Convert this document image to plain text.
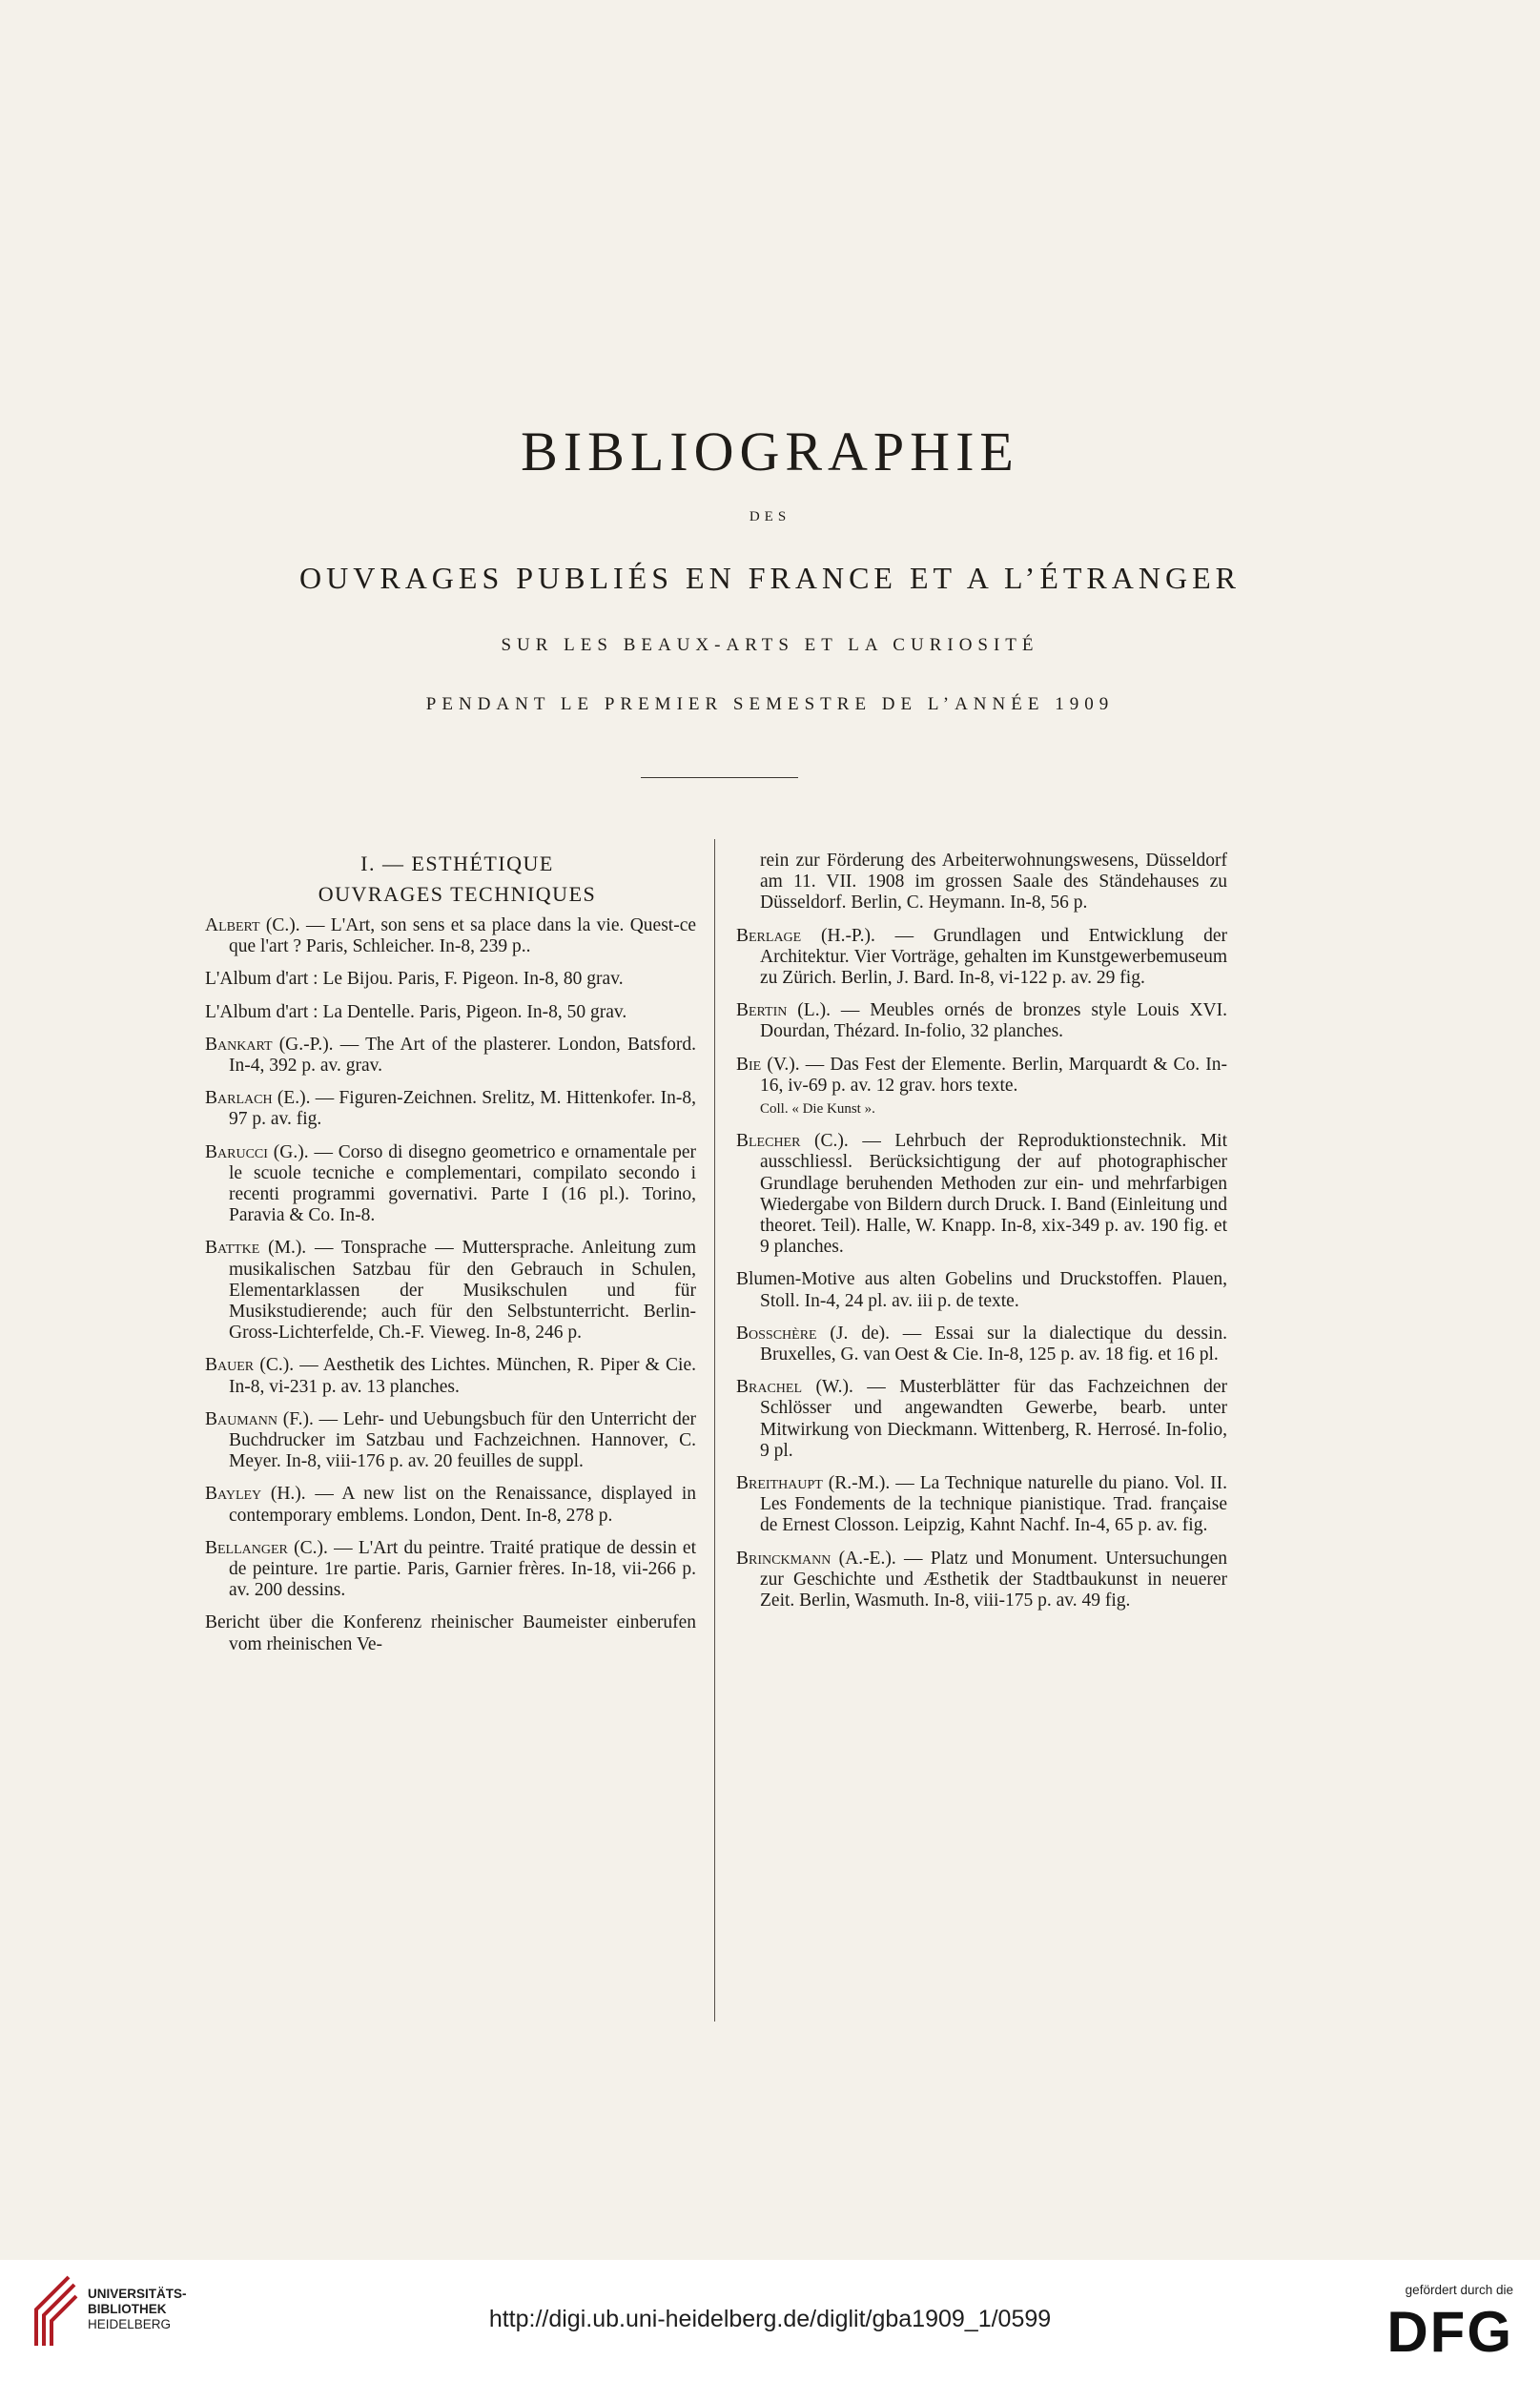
BIBLIOGRAPHIE
DES
OUVRAGES PUBLIÉS EN FRANCE ET A L’ÉTRANGER
SUR LES BEAUX-ARTS ET LA CURIOSITÉ
PENDANT LE PREMIER SEMESTRE DE L’ANNÉE 1909
I. — ESTHÉTIQUE
OUVRAGES TECHNIQUES

Albert (C.). — L'Art, son sens et sa place dans la vie. Quest-ce que l'art ? Paris, Schleicher. In-8, 239 p..

L'Album d'art : Le Bijou. Paris, F. Pigeon. In-8, 80 grav.

L'Album d'art : La Dentelle. Paris, Pigeon. In-8, 50 grav.

Bankart (G.-P.). — The Art of the plasterer. London, Batsford. In-4, 392 p. av. grav.

Barlach (E.). — Figuren-Zeichnen. Srelitz, M. Hittenkofer. In-8, 97 p. av. fig.

Barucci (G.). — Corso di disegno geometrico e ornamentale per le scuole tecniche e complementari, compilato secondo i recenti programmi governativi. Parte I (16 pl.). Torino, Paravia & Co. In-8.

Battke (M.). — Tonsprache — Muttersprache. Anleitung zum musikalischen Satzbau für den Gebrauch in Schulen, Elementarklassen der Musikschulen und für Musikstudierende; auch für den Selbstunterricht. Berlin-Gross-Lichterfelde, Ch.-F. Vieweg. In-8, 246 p.

Bauer (C.). — Aesthetik des Lichtes. München, R. Piper & Cie. In-8, vi-231 p. av. 13 planches.

Baumann (F.). — Lehr- und Uebungsbuch für den Unterricht der Buchdrucker im Satzbau und Fachzeichnen. Hannover, C. Meyer. In-8, viii-176 p. av. 20 feuilles de suppl.

Bayley (H.). — A new list on the Renaissance, displayed in contemporary emblems. London, Dent. In-8, 278 p.

Bellanger (C.). — L'Art du peintre. Traité pratique de dessin et de peinture. 1re partie. Paris, Garnier frères. In-18, vii-266 p. av. 200 dessins.

Bericht über die Konferenz rheinischer Baumeister einberufen vom rheinischen Ve-

rein zur Förderung des Arbeiterwohnungswesens, Düsseldorf am 11. VII. 1908 im grossen Saale des Ständehauses zu Düsseldorf. Berlin, C. Heymann. In-8, 56 p.

Berlage (H.-P.). — Grundlagen und Entwicklung der Architektur. Vier Vorträge, gehalten im Kunstgewerbemuseum zu Zürich. Berlin, J. Bard. In-8, vi-122 p. av. 29 fig.

Bertin (L.). — Meubles ornés de bronzes style Louis XVI. Dourdan, Thézard. In-folio, 32 planches.

Bie (V.). — Das Fest der Elemente. Berlin, Marquardt & Co. In-16, iv-69 p. av. 12 grav. hors texte.

Coll. « Die Kunst ».

Blecher (C.). — Lehrbuch der Reproduktionstechnik. Mit ausschliessl. Berücksichtigung der auf photographischer Grundlage beruhenden Methoden zur ein- und mehrfarbigen Wiedergabe von Bildern durch Druck. I. Band (Einleitung und theoret. Teil). Halle, W. Knapp. In-8, xix-349 p. av. 190 fig. et 9 planches.

Blumen-Motive aus alten Gobelins und Druckstoffen. Plauen, Stoll. In-4, 24 pl. av. iii p. de texte.

Bosschère (J. de). — Essai sur la dialectique du dessin. Bruxelles, G. van Oest & Cie. In-8, 125 p. av. 18 fig. et 16 pl.

Brachel (W.). — Musterblätter für das Fachzeichnen der Schlösser und angewandten Gewerbe, bearb. unter Mitwirkung von Dieckmann. Wittenberg, R. Herrosé. In-folio, 9 pl.

Breithaupt (R.-M.). — La Technique naturelle du piano. Vol. II. Les Fondements de la technique pianistique. Trad. française de Ernest Closson. Leipzig, Kahnt Nachf. In-4, 65 p. av. fig.

Brinckmann (A.-E.). — Platz und Monument. Untersuchungen zur Geschichte und Æsthetik der Stadtbaukunst in neuerer Zeit. Berlin, Wasmuth. In-8, viii-175 p. av. 49 fig.

UNIVERSITÄTS-
BIBLIOTHEK
HEIDELBERG	http://digi.ub.uni-heidelberg.de/diglit/gba1909_1/0599
gefördert durch die
DFG
